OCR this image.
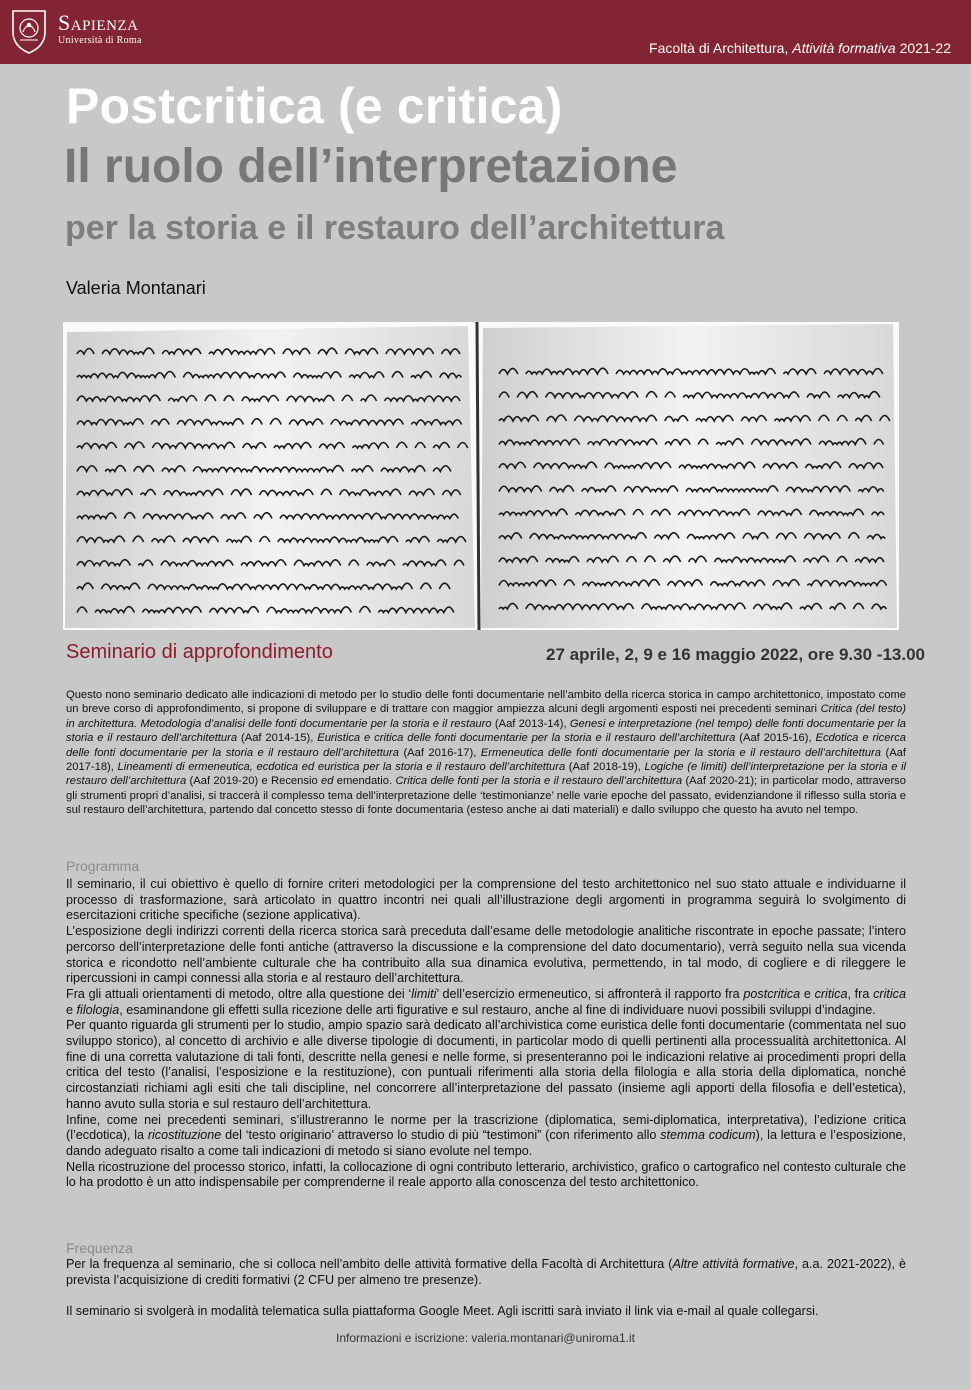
Sapienza
Università di Roma	Facoltà di Architettura, Attività formativa 2021-22
Postcritica (e critica)
Il ruolo dell’interpretazione
per la storia e il restauro dell’architettura
Valeria Montanari
Seminario di approfondimento	27 aprile, 2, 9 e 16 maggio 2022, ore 9.30 -13.00
Questo nono seminario dedicato alle indicazioni di metodo per lo studio delle fonti documentarie nell’ambito della ricerca storica in campo architettonico, impostato come un breve corso di approfondimento, si propone di sviluppare e di trattare con maggior ampiezza alcuni degli argomenti esposti nei precedenti seminari Critica (del testo) in architettura. Metodologia d’analisi delle fonti documentarie per la storia e il restauro (Aaf 2013-14), Genesi e interpretazione (nel tempo) delle fonti documentarie per la storia e il restauro dell’architettura (Aaf 2014-15), Euristica e critica delle fonti documentarie per la storia e il restauro dell’architettura (Aaf 2015-16), Ecdotica e ricerca delle fonti documentarie per la storia e il restauro dell’architettura (Aaf 2016-17), Ermeneutica delle fonti documentarie per la storia e il restauro dell’architettura (Aaf 2017-18), Lineamenti di ermeneutica, ecdotica ed euristica per la storia e il restauro dell’architettura (Aaf 2018-19), Logiche (e limiti) dell’interpretazione per la storia e il restauro dell’architettura (Aaf 2019-20) e Recensio ed emendatio. Critica delle fonti per la storia e il restauro dell’architettura (Aaf 2020-21); in particolar modo, attraverso gli strumenti propri d’analisi, si traccerà il complesso tema dell’interpretazione delle ‘testimonianze’ nelle varie epoche del passato, evidenziandone il riflesso sulla storia e sul restauro dell’architettura, partendo dal concetto stesso di fonte documentaria (esteso anche ai dati materiali) e dallo sviluppo che questo ha avuto nel tempo.
Programma

Il seminario, il cui obiettivo è quello di fornire criteri metodologici per la comprensione del testo architettonico nel suo stato attuale e individuarne il processo di trasformazione, sarà articolato in quattro incontri nei quali all’illustrazione degli argomenti in programma seguirà lo svolgimento di esercitazioni critiche specifiche (sezione applicativa).

L’esposizione degli indirizzi correnti della ricerca storica sarà preceduta dall’esame delle metodologie analitiche riscontrate in epoche passate; l’intero percorso dell’interpretazione delle fonti antiche (attraverso la discussione e la comprensione del dato documentario), verrà seguito nella sua vicenda storica e ricondotto nell’ambiente culturale che ha contribuito alla sua dinamica evolutiva, permettendo, in tal modo, di cogliere e di rileggere le ripercussioni in campi connessi alla storia e al restauro dell’architettura.

Fra gli attuali orientamenti di metodo, oltre alla questione dei ‘limiti’ dell’esercizio ermeneutico, si affronterà il rapporto fra postcritica e critica, fra critica e filologia, esaminandone gli effetti sulla ricezione delle arti figurative e sul restauro, anche al fine di individuare nuovi possibili sviluppi d’indagine.

Per quanto riguarda gli strumenti per lo studio, ampio spazio sarà dedicato all’archivistica come euristica delle fonti documentarie (commentata nel suo sviluppo storico), al concetto di archivio e alle diverse tipologie di documenti, in particolar modo di quelli pertinenti alla processualità architettonica. Al fine di una corretta valutazione di tali fonti, descritte nella genesi e nelle forme, si presenteranno poi le indicazioni relative ai procedimenti propri della critica del testo (l’analisi, l’esposizione e la restituzione), con puntuali riferimenti alla storia della filologia e alla storia della diplomatica, nonché circostanziati richiami agli esiti che tali discipline, nel concorrere all’interpretazione del passato (insieme agli apporti della filosofia e dell’estetica), hanno avuto sulla storia e sul restauro dell’architettura.

Infine, come nei precedenti seminari, s’illustreranno le norme per la trascrizione (diplomatica, semi-diplomatica, interpretativa), l’edizione critica (l’ecdotica), la ricostituzione del ‘testo originario’ attraverso lo studio di più “testimoni” (con riferimento allo stemma codicum), la lettura e l’esposizione, dando adeguato risalto a come tali indicazioni di metodo si siano evolute nel tempo.

Nella ricostruzione del processo storico, infatti, la collocazione di ogni contributo letterario, archivistico, grafico o cartografico nel contesto culturale che lo ha prodotto è un atto indispensabile per comprenderne il reale apporto alla conoscenza del testo architettonico.

Frequenza

Per la frequenza al seminario, che si colloca nell’ambito delle attività formative della Facoltà di Architettura (Altre attività formative, a.a. 2021-2022), è prevista l’acquisizione di crediti formativi (2 CFU per almeno tre presenze).

Il seminario si svolgerà in modalità telematica sulla piattaforma Google Meet. Agli iscritti sarà inviato il link via e-mail al quale collegarsi.

Informazioni e iscrizione: valeria.montanari@uniroma1.it
